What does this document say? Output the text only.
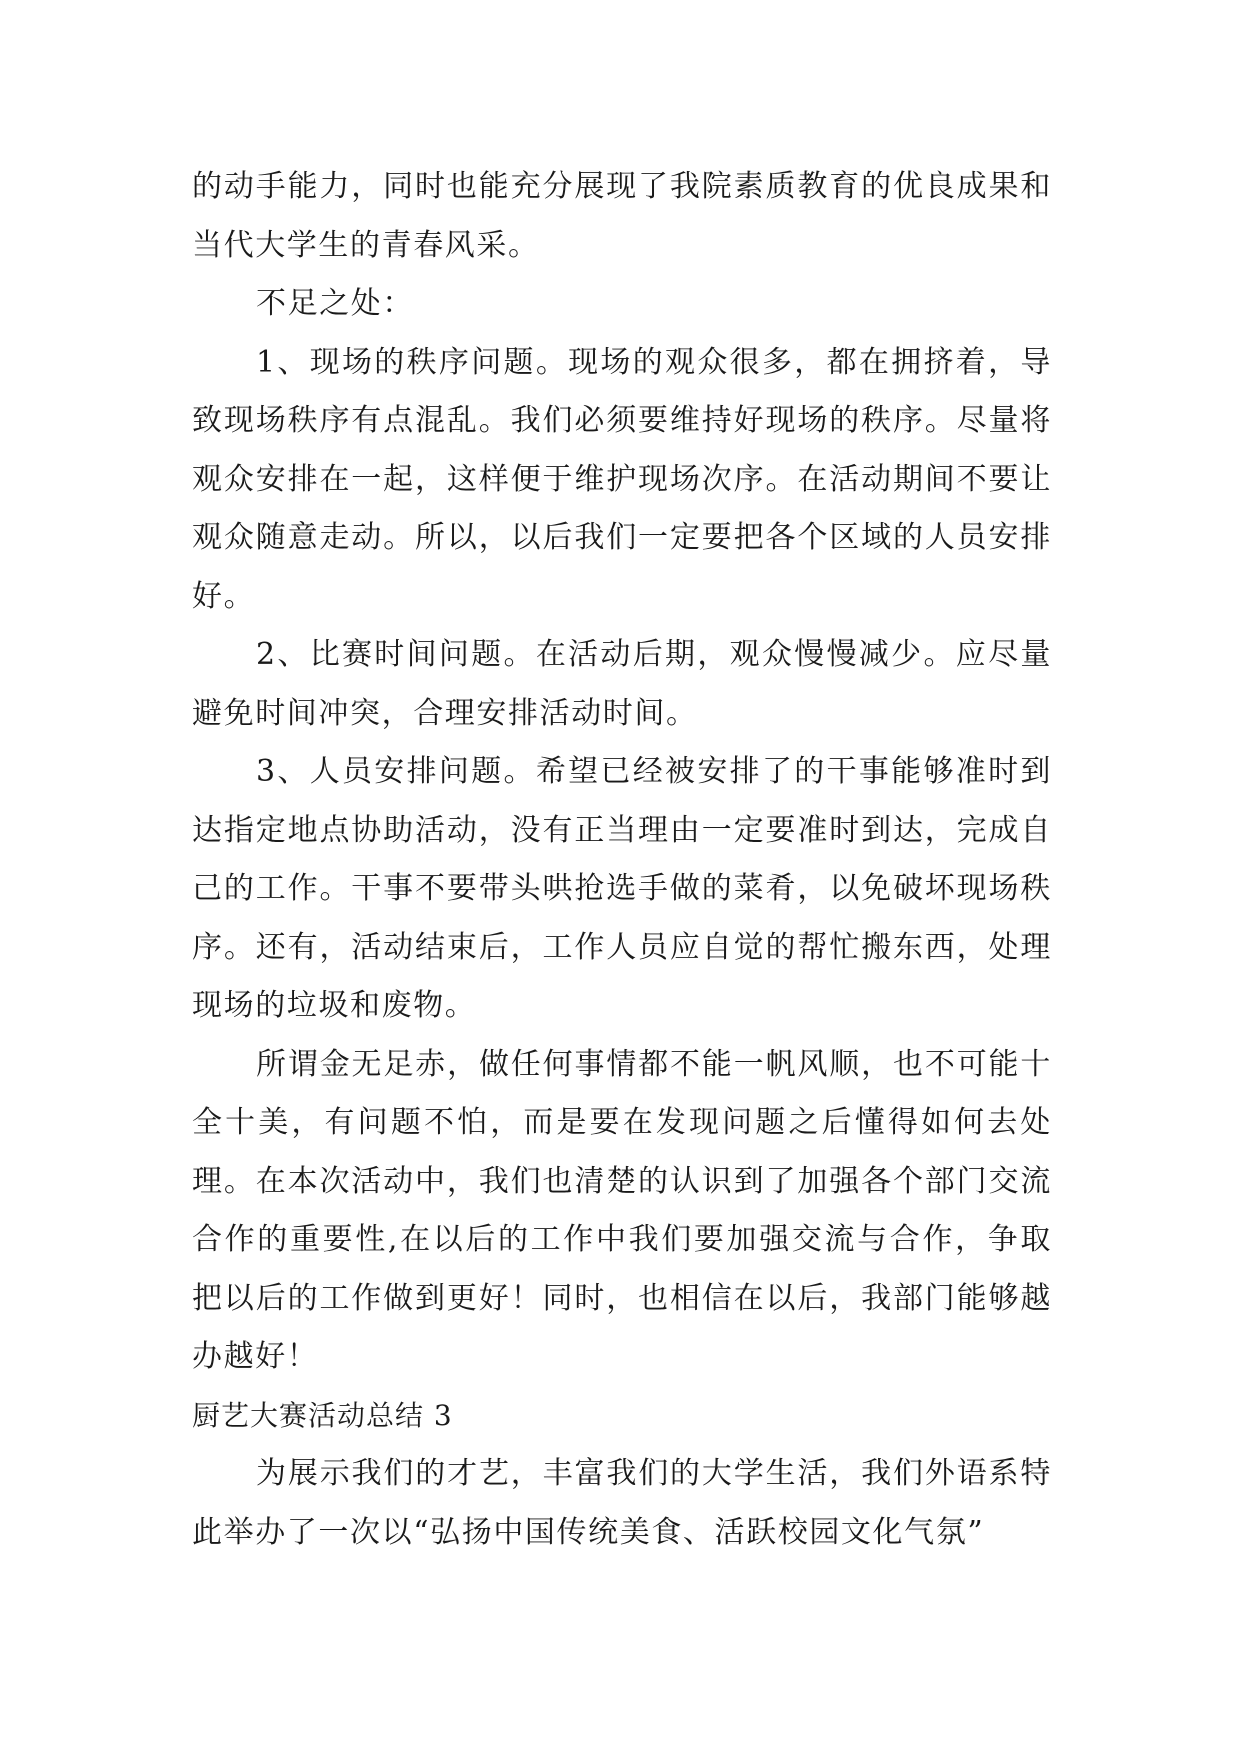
的动手能力，同时也能充分展现了我院素质教育的优良成果和当代大学生的青春风采。

不足之处：

1、现场的秩序问题。现场的观众很多，都在拥挤着，导致现场秩序有点混乱。我们必须要维持好现场的秩序。尽量将观众安排在一起，这样便于维护现场次序。在活动期间不要让观众随意走动。所以，以后我们一定要把各个区域的人员安排好。

2、比赛时间问题。在活动后期，观众慢慢减少。应尽量避免时间冲突，合理安排活动时间。

3、人员安排问题。希望已经被安排了的干事能够准时到达指定地点协助活动，没有正当理由一定要准时到达，完成自己的工作。干事不要带头哄抢选手做的菜肴，以免破坏现场秩序。还有，活动结束后，工作人员应自觉的帮忙搬东西，处理现场的垃圾和废物。

所谓金无足赤，做任何事情都不能一帆风顺，也不可能十全十美，有问题不怕，而是要在发现问题之后懂得如何去处理。在本次活动中，我们也清楚的认识到了加强各个部门交流合作的重要性,在以后的工作中我们要加强交流与合作，争取把以后的工作做到更好！同时，也相信在以后，我部门能够越办越好！

厨艺大赛活动总结 3

为展示我们的才艺，丰富我们的大学生活，我们外语系特此举办了一次以“弘扬中国传统美食、活跃校园文化气氛”
